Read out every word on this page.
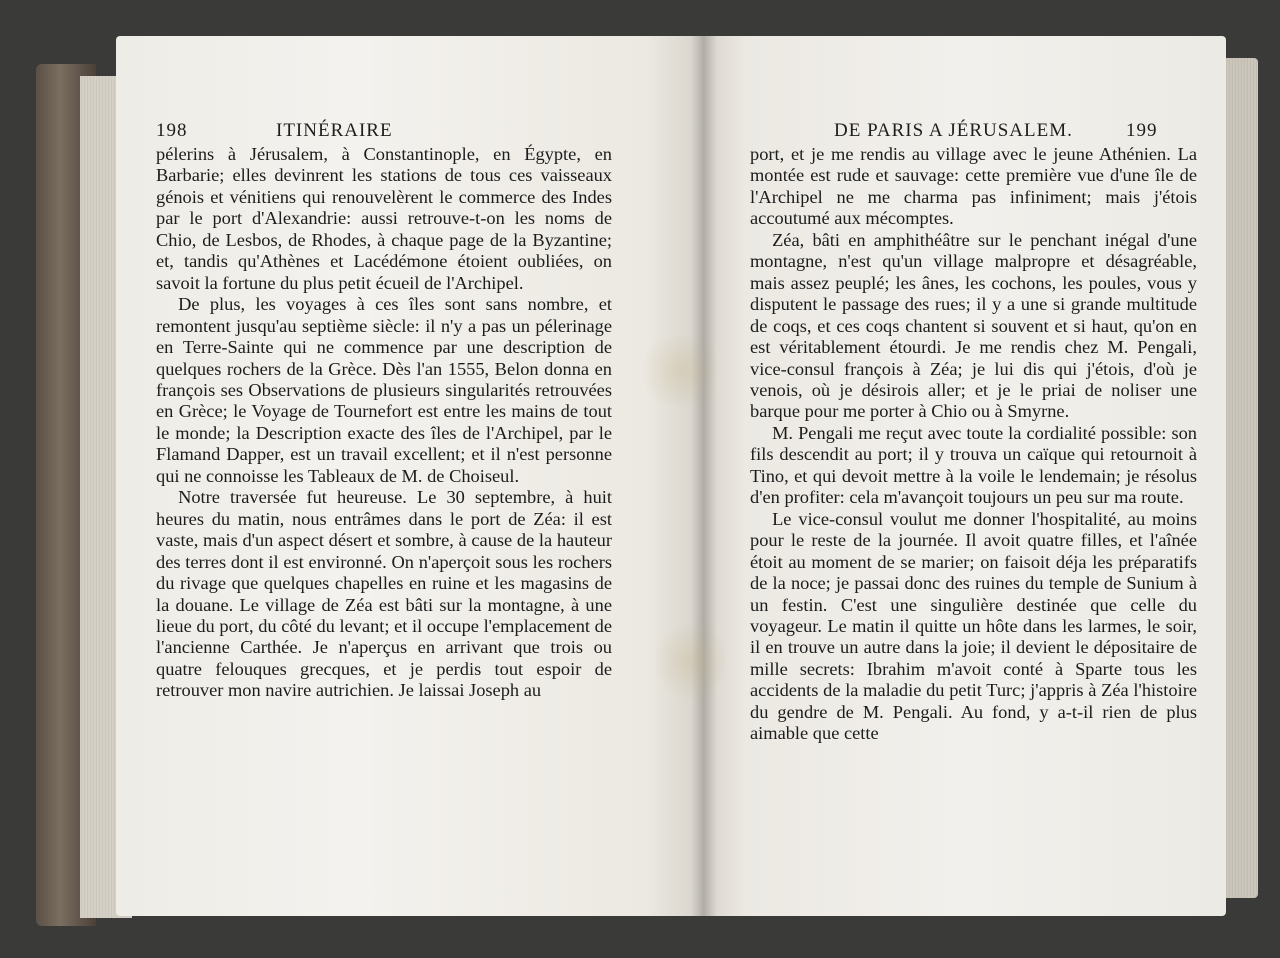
198	ITINÉRAIRE	DE PARIS A JÉRUSALEM.	199

pélerins à Jérusalem, à Constantinople, en Égypte, en Barbarie; elles devinrent les stations de tous ces vaisseaux génois et vénitiens qui renouvelèrent le commerce des Indes par le port d'Alexandrie: aussi retrouve-t-on les noms de Chio, de Lesbos, de Rhodes, à chaque page de la Byzantine; et, tandis qu'Athènes et Lacédémone étoient oubliées, on savoit la fortune du plus petit écueil de l'Archipel.

De plus, les voyages à ces îles sont sans nombre, et remontent jusqu'au septième siècle: il n'y a pas un pélerinage en Terre-Sainte qui ne commence par une description de quelques rochers de la Grèce. Dès l'an 1555, Belon donna en françois ses Observations de plusieurs singularités retrouvées en Grèce; le Voyage de Tournefort est entre les mains de tout le monde; la Description exacte des îles de l'Archipel, par le Flamand Dapper, est un travail excellent; et il n'est personne qui ne connoisse les Tableaux de M. de Choiseul.

Notre traversée fut heureuse. Le 30 septembre, à huit heures du matin, nous entrâmes dans le port de Zéa: il est vaste, mais d'un aspect désert et sombre, à cause de la hauteur des terres dont il est environné. On n'aperçoit sous les rochers du rivage que quelques chapelles en ruine et les magasins de la douane. Le village de Zéa est bâti sur la montagne, à une lieue du port, du côté du levant; et il occupe l'emplacement de l'ancienne Carthée. Je n'aperçus en arrivant que trois ou quatre felouques grecques, et je perdis tout espoir de retrouver mon navire autrichien. Je laissai Joseph au

port, et je me rendis au village avec le jeune Athénien. La montée est rude et sauvage: cette première vue d'une île de l'Archipel ne me charma pas infiniment; mais j'étois accoutumé aux mécomptes.

Zéa, bâti en amphithéâtre sur le penchant inégal d'une montagne, n'est qu'un village malpropre et désagréable, mais assez peuplé; les ânes, les cochons, les poules, vous y disputent le passage des rues; il y a une si grande multitude de coqs, et ces coqs chantent si souvent et si haut, qu'on en est véritablement étourdi. Je me rendis chez M. Pengali, vice-consul françois à Zéa; je lui dis qui j'étois, d'où je venois, où je désirois aller; et je le priai de noliser une barque pour me porter à Chio ou à Smyrne.

M. Pengali me reçut avec toute la cordialité possible: son fils descendit au port; il y trouva un caïque qui retournoit à Tino, et qui devoit mettre à la voile le lendemain; je résolus d'en profiter: cela m'avançoit toujours un peu sur ma route.

Le vice-consul voulut me donner l'hospitalité, au moins pour le reste de la journée. Il avoit quatre filles, et l'aînée étoit au moment de se marier; on faisoit déja les préparatifs de la noce; je passai donc des ruines du temple de Sunium à un festin. C'est une singulière destinée que celle du voyageur. Le matin il quitte un hôte dans les larmes, le soir, il en trouve un autre dans la joie; il devient le dépositaire de mille secrets: Ibrahim m'avoit conté à Sparte tous les accidents de la maladie du petit Turc; j'appris à Zéa l'histoire du gendre de M. Pengali. Au fond, y a-t-il rien de plus aimable que cette
